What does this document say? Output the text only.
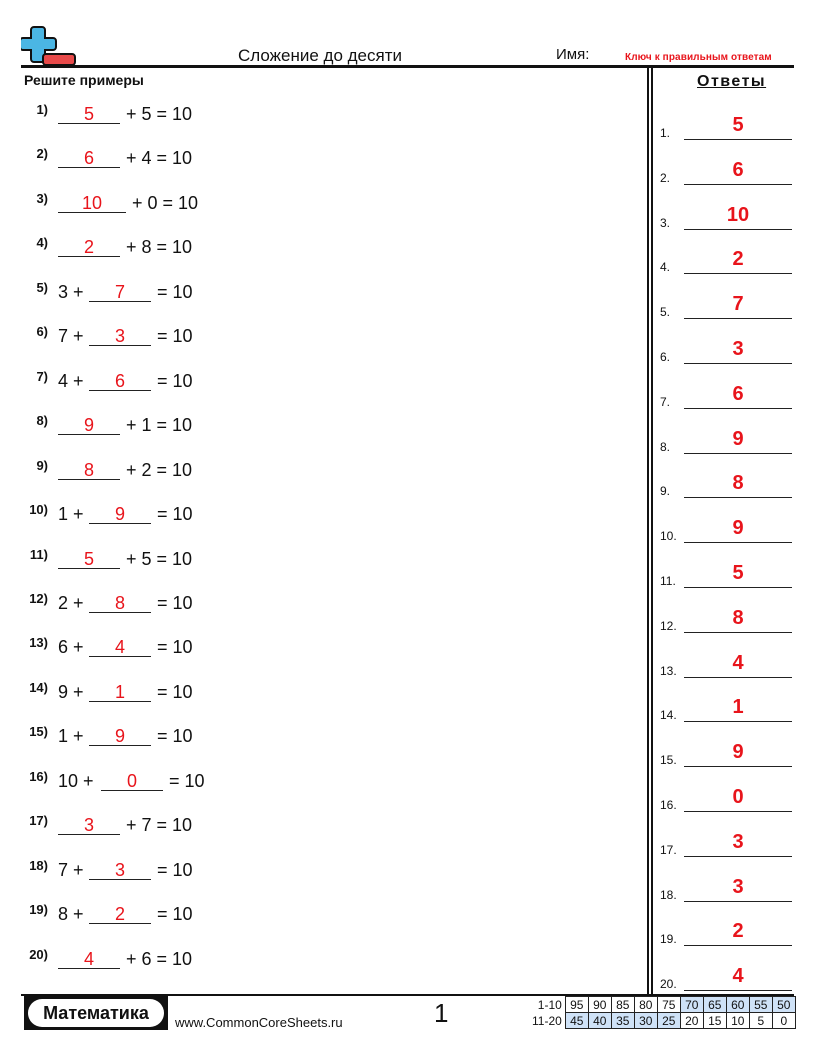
Сложение до десяти	Имя:	Ключ к правильным ответам
Решите примеры
1)	5	+ 5 = 10
2)	6	+ 4 = 10
3)	10	+ 0 = 10
4)	2	+ 8 = 10
5) 3 +	7	= 10
6) 7 +	3	= 10
7) 4 +	6	= 10
8)	9	+ 1 = 10
9)	8	+ 2 = 10
10) 1 +	9	= 10
11)	5	+ 5 = 10
12) 2 +	8	= 10
13) 6 +	4	= 10
14) 9 +	1	= 10
15) 1 +	9	= 10
16) 10 +	0	= 10
17)	3	+ 7 = 10
18) 7 +	3	= 10
19) 8 +	2	= 10
20)	4	+ 6 = 10
Ответы
1.	5
2.	6
3.	10
4.	2
5.	7
6.	3
7.	6
8.	9
9.	8
10.	9
11.	5
12.	8
13.	4
14.	1
15.	9
16.	0
17.	3
18.	3
19.	2
20.	4
Математика	www.CommonCoreSheets.ru	1	1-10	95	90	85	80	75	70	65	60	55	50
11-20	45	40	35	30	25	20	15	10	5	0
